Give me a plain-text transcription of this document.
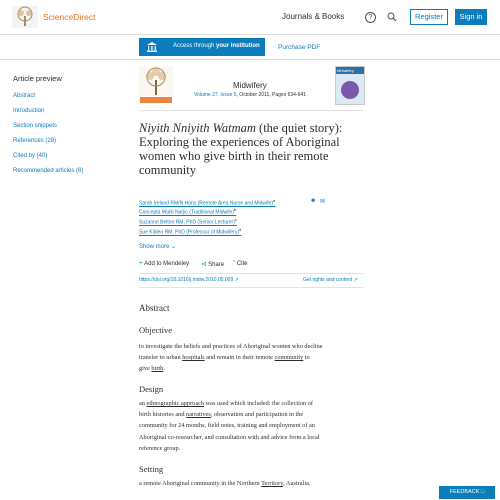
ScienceDirect	Journals & Books	?	Register	Sign in
Access through your institution	Purchase PDF
Article preview
Abstract
Introduction
Section snippets
References (29)
Cited by (40)
Recommended articles (6)
Midwifery
Volume 27, Issue 5, October 2011, Pages 634-641
Midwifery
Niyith Nniyith Watmam (the quiet story): Exploring the experiences of Aboriginal women who give birth in their remote community
Sarah Ireland RM/N Hons (Remote Area Nurse and Midwife)$^a$	☻ ✉
Concepta Wulili Narjic (Traditional Midwife)$^b$
Suzanne Belton RM, PhD (Senior Lecturer)$^c$
Sue Kildea RM, PhD (Professor of Midwifery)$^d$
Show more ⌄
+ Add to Mendeley ⊲ Share ” Cite
https://doi.org/10.1016/j.midw.2010.05.009 ↗	Get rights and content ↗
Abstract
Objective
to investigate the beliefs and practices of Aboriginal women who decline
transfer to urban hospitals and remain in their remote community to
give birth.
Design
an ethnographic approach was used which included: the collection of
birth histories and narratives, observation and participation in the
community for 24 months, field notes, training and employment of an
Aboriginal co-researcher, and consultation with and advice from a local
reference group.
Setting
a remote Aboriginal community in the Northern Territory, Australia.
FEEDBACK □
